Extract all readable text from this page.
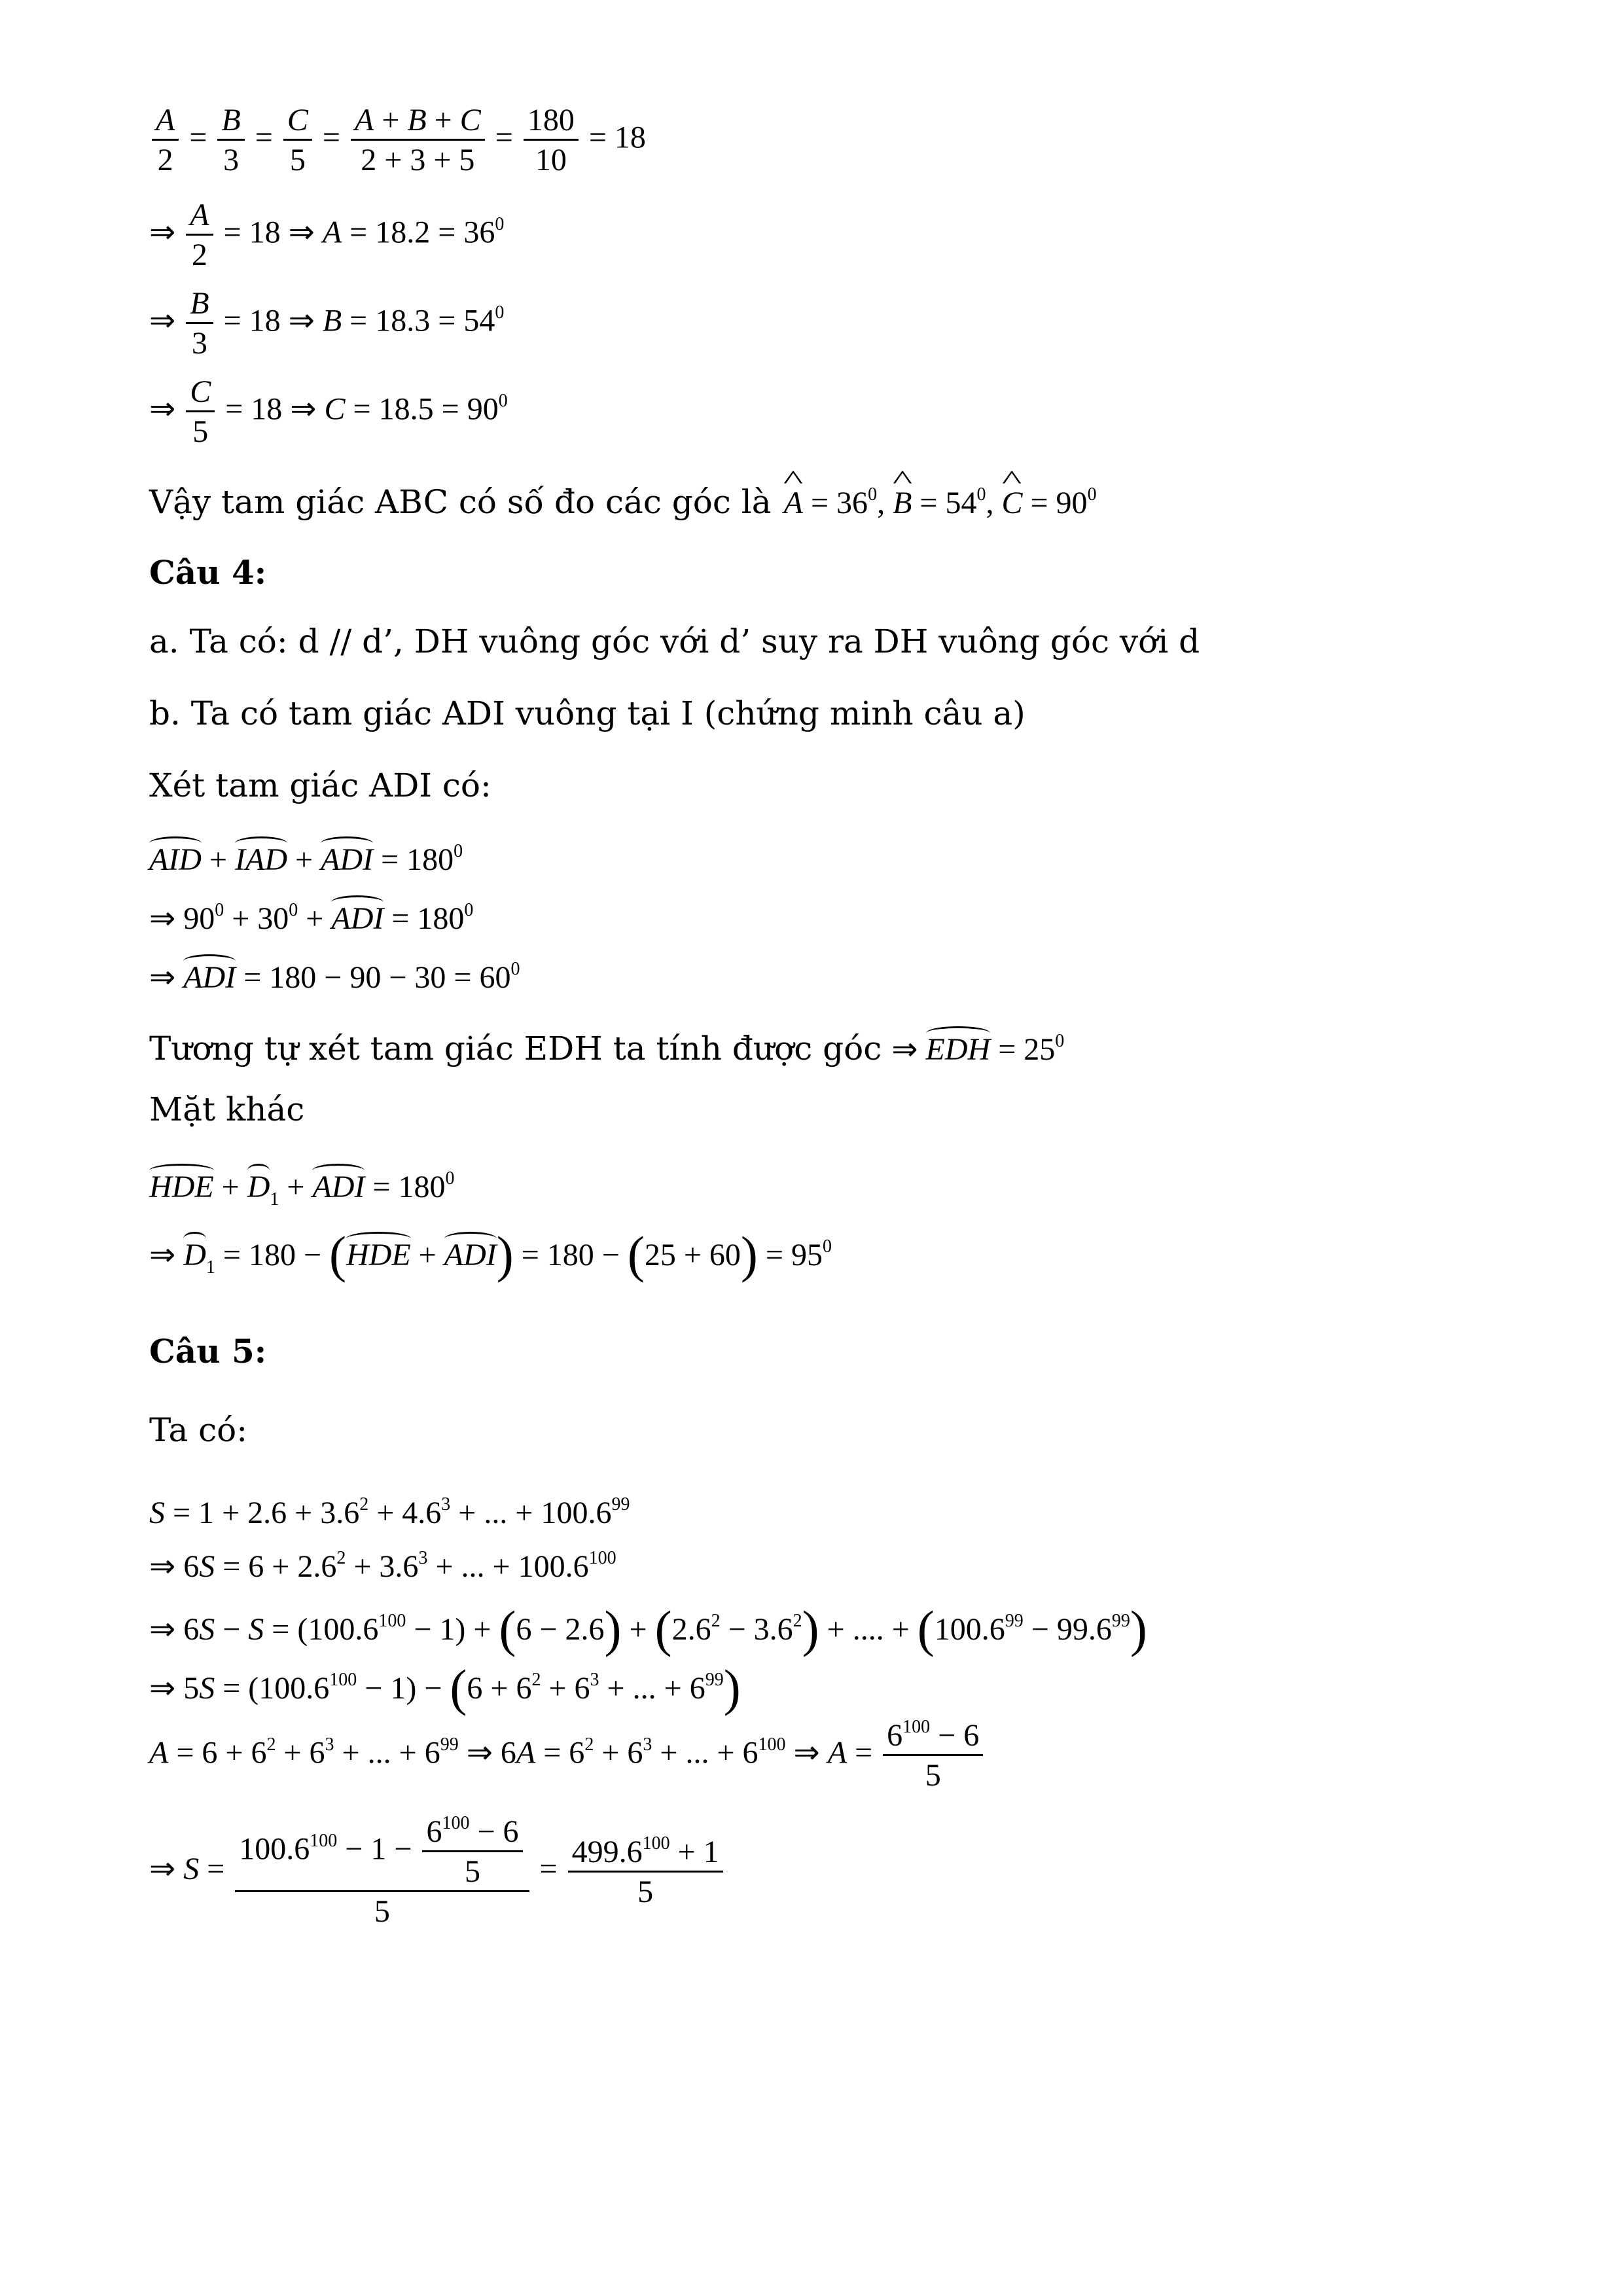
$\frac{A}{2} = \frac{B}{3} = \frac{C}{5} = \frac{A + B + C}{2 + 3 + 5} = \frac{180}{10} = 18$
⇒ $\frac{A}{2} = 18$ ⇒ $A = 18.2 = 36^0$
⇒ $\frac{B}{3} = 18$ ⇒ $B = 18.3 = 54^0$
⇒ $\frac{C}{5} = 18$ ⇒ $C = 18.5 = 90^0$
Vậy tam giác ABC có số đo các góc là ^ $A = 36^0$, ^ $B = 54^0$, ^ $C = 90^0$
Câu 4:
a. Ta có: d // d’, DH vuông góc với d’ suy ra DH vuông góc với d
b. Ta có tam giác ADI vuông tại I (chứng minh câu a)
Xét tam giác ADI có:
AID + IAD + ADI = $180^0$
⇒ $90^0 + 30^0$ + ADI = $180^0$
⇒ ADI = $180 - 90 - 30 = 60^0$
Tương tự xét tam giác EDH ta tính được góc ⇒ EDH = $25^0$
Mặt khác
HDE + $D_1$ + ADI = $180^0$
⇒ $D_1 = 180 - (HDE + ADI) = 180 - (25 + 60) = 95^0$
Câu 5:
Ta có:
$S = 1 + 2.6 + 3.6^2 + 4.6^3$ + ... + $100.6^{99}$
⇒ $6S = 6 + 2.6^2 + 3.6^3$ + ... + $100.6^{100}$
⇒ $6S - S = (100.6^{100} - 1) + (6 - 2.6) + (2.6^2 - 3.6^2)$ + .... + $(100.6^{99} - 99.6^{99})$
⇒ $5S = (100.6^{100} - 1) - (6 + 6^2 + 6^3$ + ... + $6^{99}$)
$A = 6 + 6^2 + 6^3$ + ... + $6^{99}$ ⇒ $6A = 6^2 + 6^3$ + ... + $6^{100}$ ⇒ $A = \frac{6^{100} - 6}{5}$
⇒ $S = \frac{100.6^{100} - 1 - \frac{6^{100} - 6}{5}}{5} = \frac{499.6^{100} + 1}{5}$
